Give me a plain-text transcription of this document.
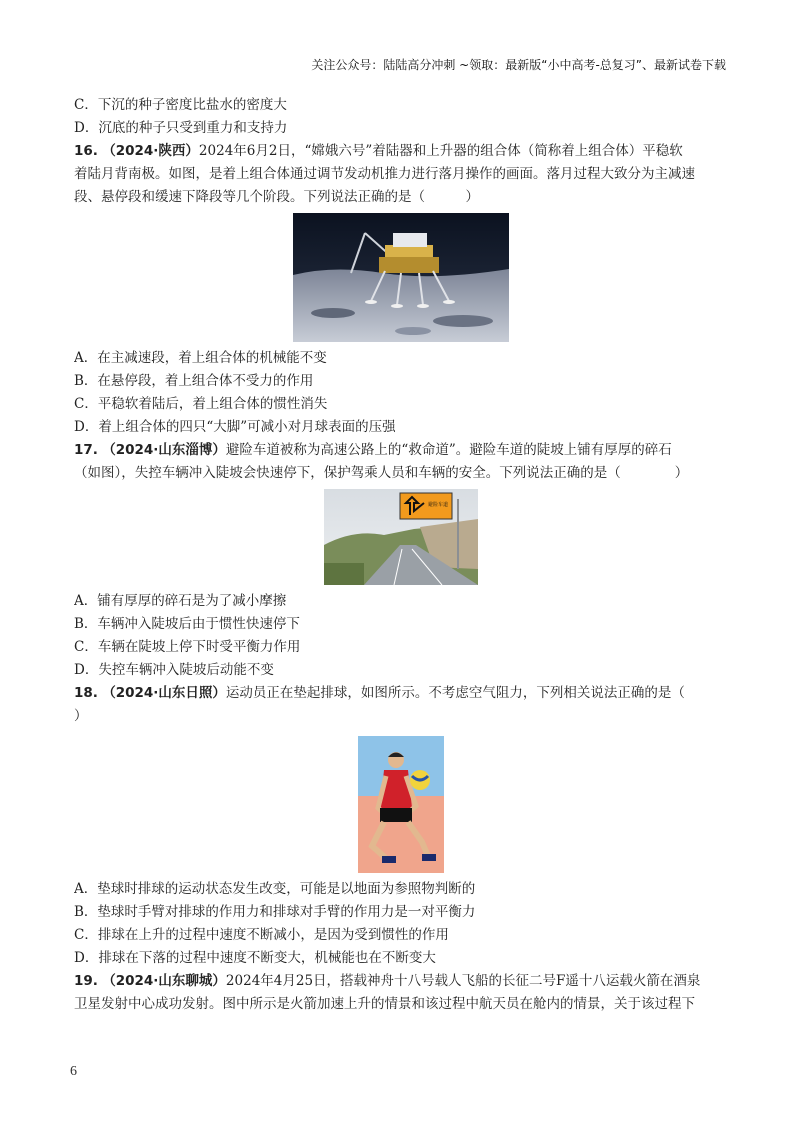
关注公众号：陆陆高分冲刺 ~领取：最新版“小中高考-总复习”、最新试卷下载
C．下沉的种子密度比盐水的密度大
D．沉底的种子只受到重力和支持力
16. （2024·陕西）2024年6月2日，“嫦娥六号”着陆器和上升器的组合体（简称着上组合体）平稳软
着陆月背南极。如图，是着上组合体通过调节发动机推力进行落月操作的画面。落月过程大致分为主减速
段、悬停段和缓速下降段等几个阶段。下列说法正确的是（　　　）
A．在主减速段，着上组合体的机械能不变
B．在悬停段，着上组合体不受力的作用
C．平稳软着陆后，着上组合体的惯性消失
D．着上组合体的四只“大脚”可减小对月球表面的压强
17. （2024·山东淄博）避险车道被称为高速公路上的“救命道”。避险车道的陡坡上铺有厚厚的碎石
（如图），失控车辆冲入陡坡会快速停下，保护驾乘人员和车辆的安全。下列说法正确的是（　　　　）
避险车道
A．铺有厚厚的碎石是为了减小摩擦
B．车辆冲入陡坡后由于惯性快速停下
C．车辆在陡坡上停下时受平衡力作用
D．失控车辆冲入陡坡后动能不变
18. （2024·山东日照）运动员正在垫起排球，如图所示。不考虑空气阻力，下列相关说法正确的是（
）
A．垫球时排球的运动状态发生改变，可能是以地面为参照物判断的
B．垫球时手臂对排球的作用力和排球对手臂的作用力是一对平衡力
C．排球在上升的过程中速度不断减小，是因为受到惯性的作用
D．排球在下落的过程中速度不断变大，机械能也在不断变大
19. （2024·山东聊城）2024年4月25日，搭载神舟十八号载人飞船的长征二号F遥十八运载火箭在酒泉
卫星发射中心成功发射。图中所示是火箭加速上升的情景和该过程中航天员在舱内的情景，关于该过程下
6
